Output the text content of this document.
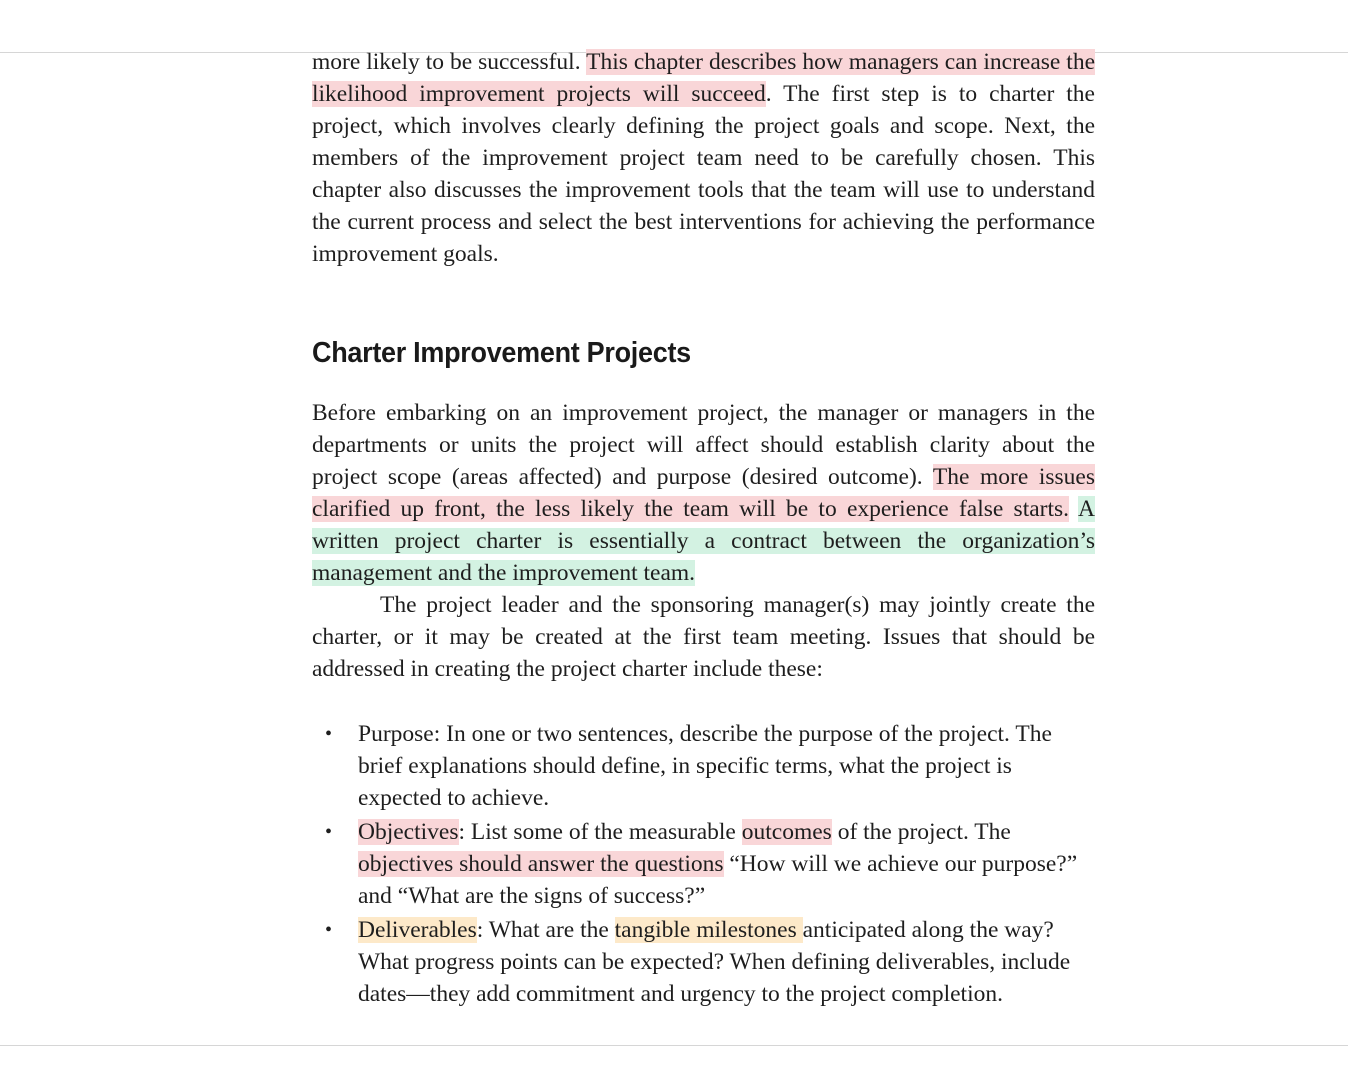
more likely to be successful. This chapter describes how managers can increase the likelihood improvement projects will succeed. The first step is to charter the project, which involves clearly defining the project goals and scope. Next, the members of the improvement project team need to be carefully chosen. This chapter also discusses the improvement tools that the team will use to understand the current process and select the best interventions for achieving the performance improvement goals.

Charter Improvement Projects

Before embarking on an improvement project, the manager or managers in the departments or units the project will affect should establish clarity about the project scope (areas affected) and purpose (desired outcome). The more issues clarified up front, the less likely the team will be to experience false starts. A written project charter is essentially a contract between the organization’s management and the improvement team.

The project leader and the sponsoring manager(s) may jointly create the charter, or it may be created at the first team meeting. Issues that should be addressed in creating the project charter include these:

• Purpose: In one or two sentences, describe the purpose of the project. The brief explanations should define, in specific terms, what the project is expected to achieve.
• Objectives: List some of the measurable outcomes of the project. The objectives should answer the questions “How will we achieve our purpose?” and “What are the signs of success?”
• Deliverables: What are the tangible milestones anticipated along the way? What progress points can be expected? When defining deliverables, include dates—they add commitment and urgency to the project completion.
